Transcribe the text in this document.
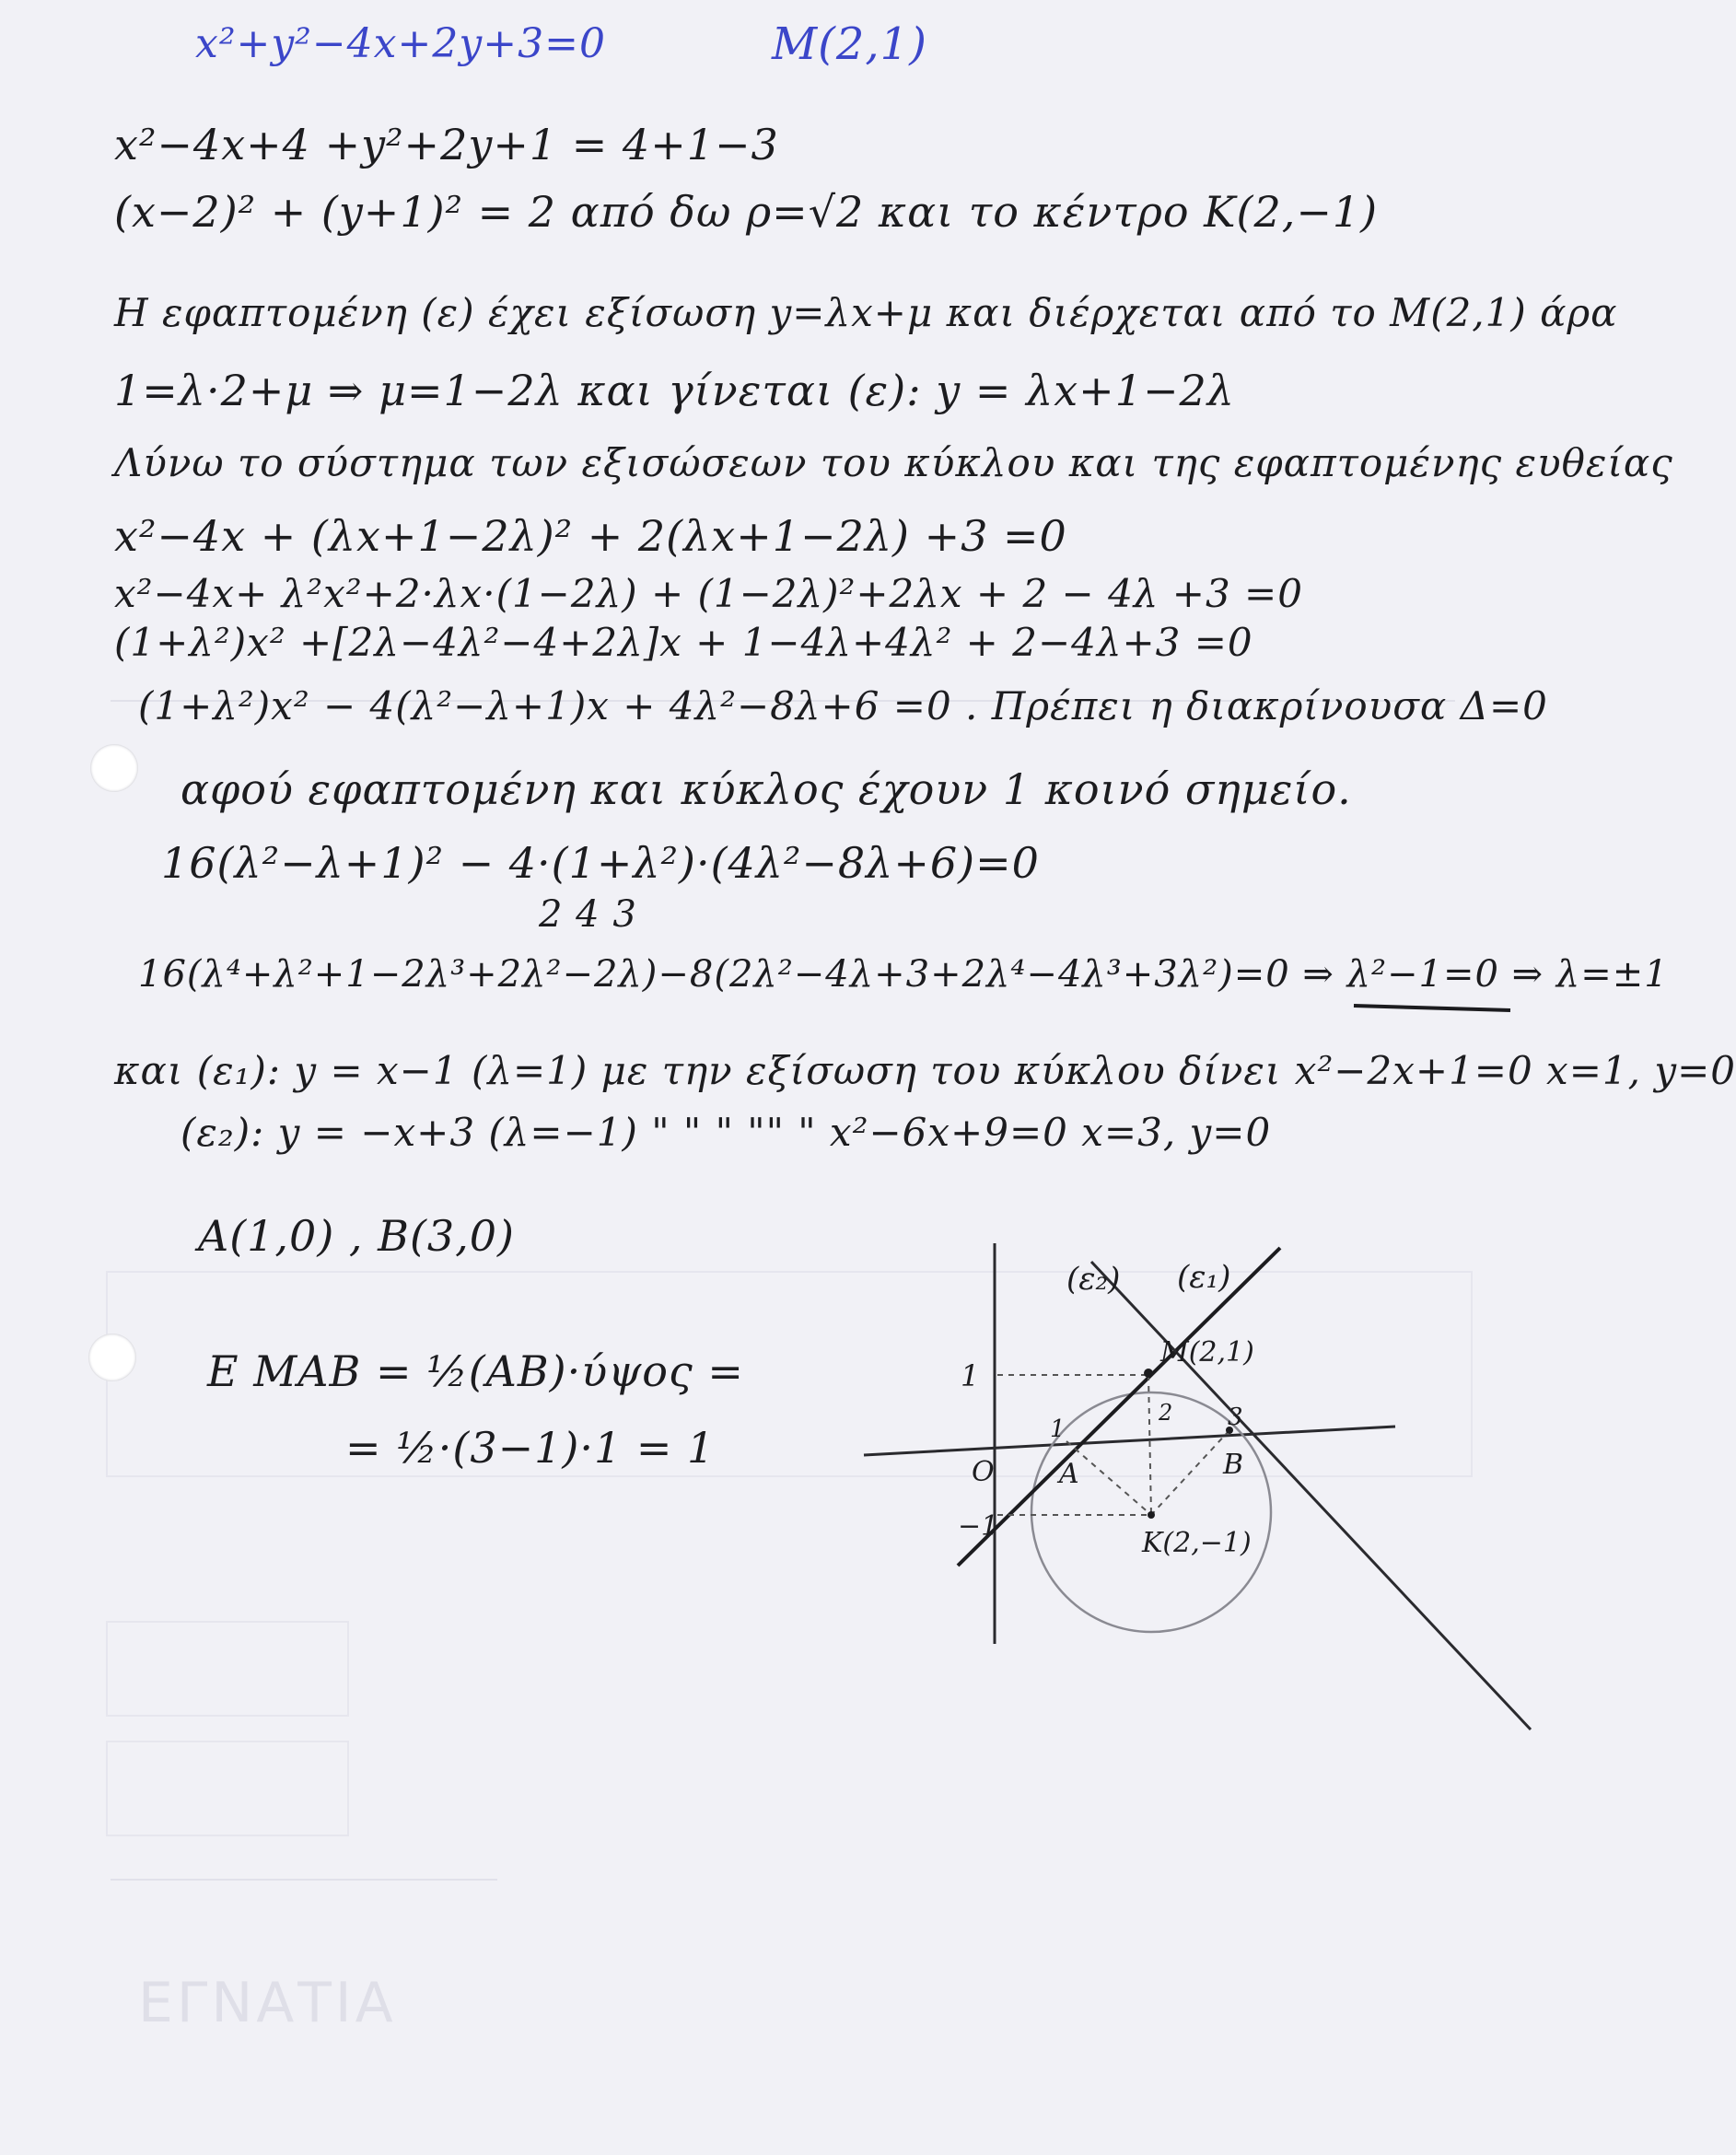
ΕΓΝΑΤΙΑ
x²+y²−4x+2y+3=0	Μ(2,1)
x²−4x+4 +y²+2y+1 = 4+1−3
(x−2)² + (y+1)² = 2 από δω ρ=√2 και το κέντρο Κ(2,−1)
Η εφαπτομένη (ε) έχει εξίσωση y=λx+μ και διέρχεται από το Μ(2,1) άρα
1=λ·2+μ ⇒ μ=1−2λ και γίνεται (ε): y = λx+1−2λ
Λύνω το σύστημα των εξισώσεων του κύκλου και της εφαπτομένης ευθείας
x²−4x + (λx+1−2λ)² + 2(λx+1−2λ) +3 =0
x²−4x+ λ²x²+2·λx·(1−2λ) + (1−2λ)²+2λx + 2 − 4λ +3 =0
(1+λ²)x² +[2λ−4λ²−4+2λ]x + 1−4λ+4λ² + 2−4λ+3 =0
(1+λ²)x² − 4(λ²−λ+1)x + 4λ²−8λ+6 =0 . Πρέπει η διακρίνουσα Δ=0
αφού εφαπτομένη και κύκλος έχουν 1 κοινό σημείο.
16(λ²−λ+1)² − 4·(1+λ²)·(4λ²−8λ+6)=0
2 4 3
16(λ⁴+λ²+1−2λ³+2λ²−2λ)−8(2λ²−4λ+3+2λ⁴−4λ³+3λ²)=0 ⇒ λ²−1=0 ⇒ λ=±1
και (ε₁): y = x−1 (λ=1) με την εξίσωση του κύκλου δίνει x²−2x+1=0 x=1, y=0
(ε₂): y = −x+3 (λ=−1) " " " "" " x²−6x+9=0 x=3, y=0
A(1,0) , B(3,0)
E ΜΑΒ = ½(AB)·ύψος =
= ½·(3−1)·1 = 1
(ε₂) (ε₁)
M(2,1)
1
−1
O
1
2 3
A	B
K(2,−1)
